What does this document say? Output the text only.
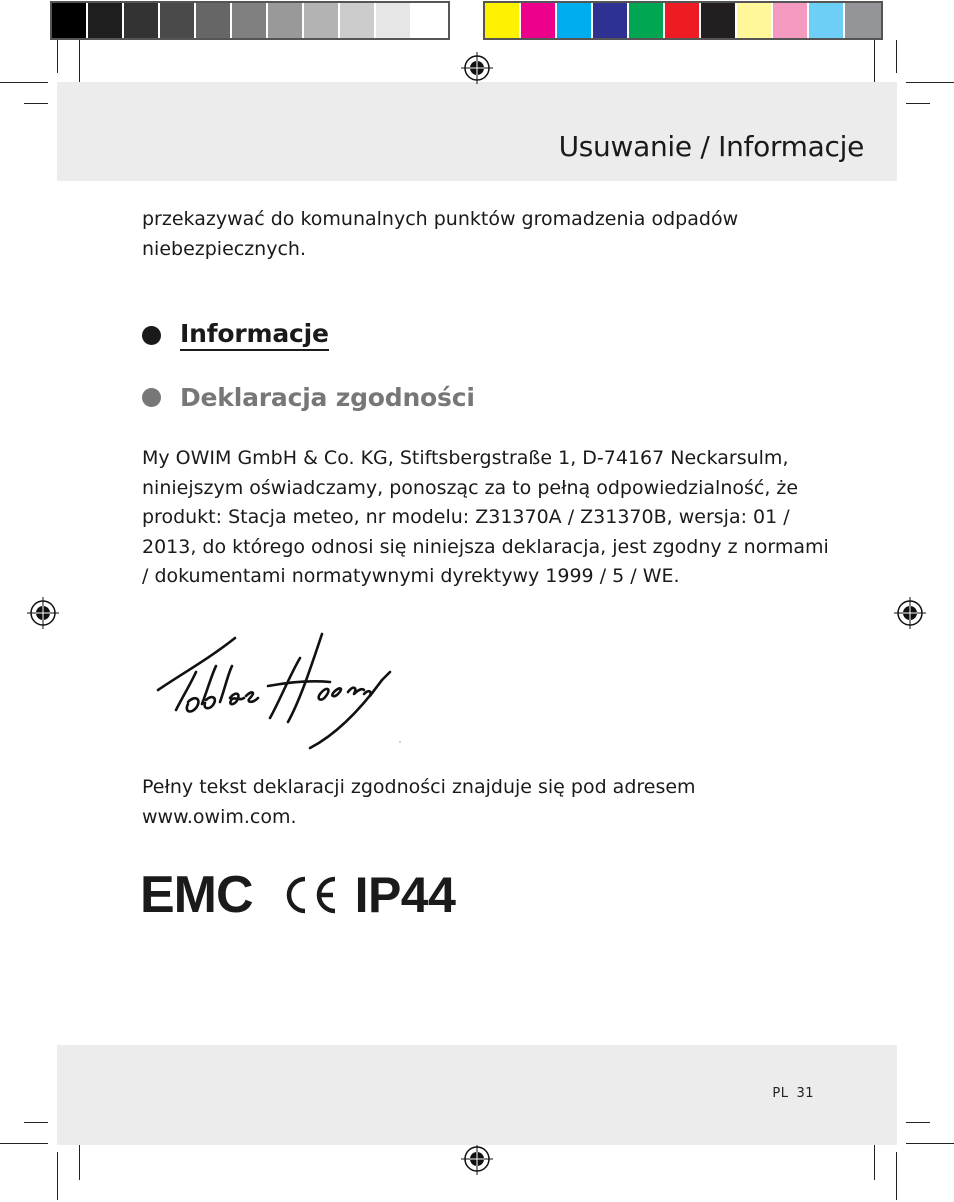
Usuwanie / Informacje
przekazywać do komunalnych punktów gromadzenia odpadów niebezpiecznych.
Informacje
Deklaracja zgodności
My OWIM GmbH & Co. KG, Stiftsbergstraße 1, D-74167 Neckarsulm, niniejszym oświadczamy, ponosząc za to pełną odpowiedzialność, że produkt: Stacja meteo, nr modelu: Z31370A / Z31370B, wersja: 01 / 2013, do którego odnosi się niniejsza deklaracja, jest zgodny z normami / dokumentami normatywnymi dyrektywy 1999 / 5 / WE.
Pełny tekst deklaracji zgodności znajduje się pod adresem www.owim.com.
EMC IP44
PL 31
